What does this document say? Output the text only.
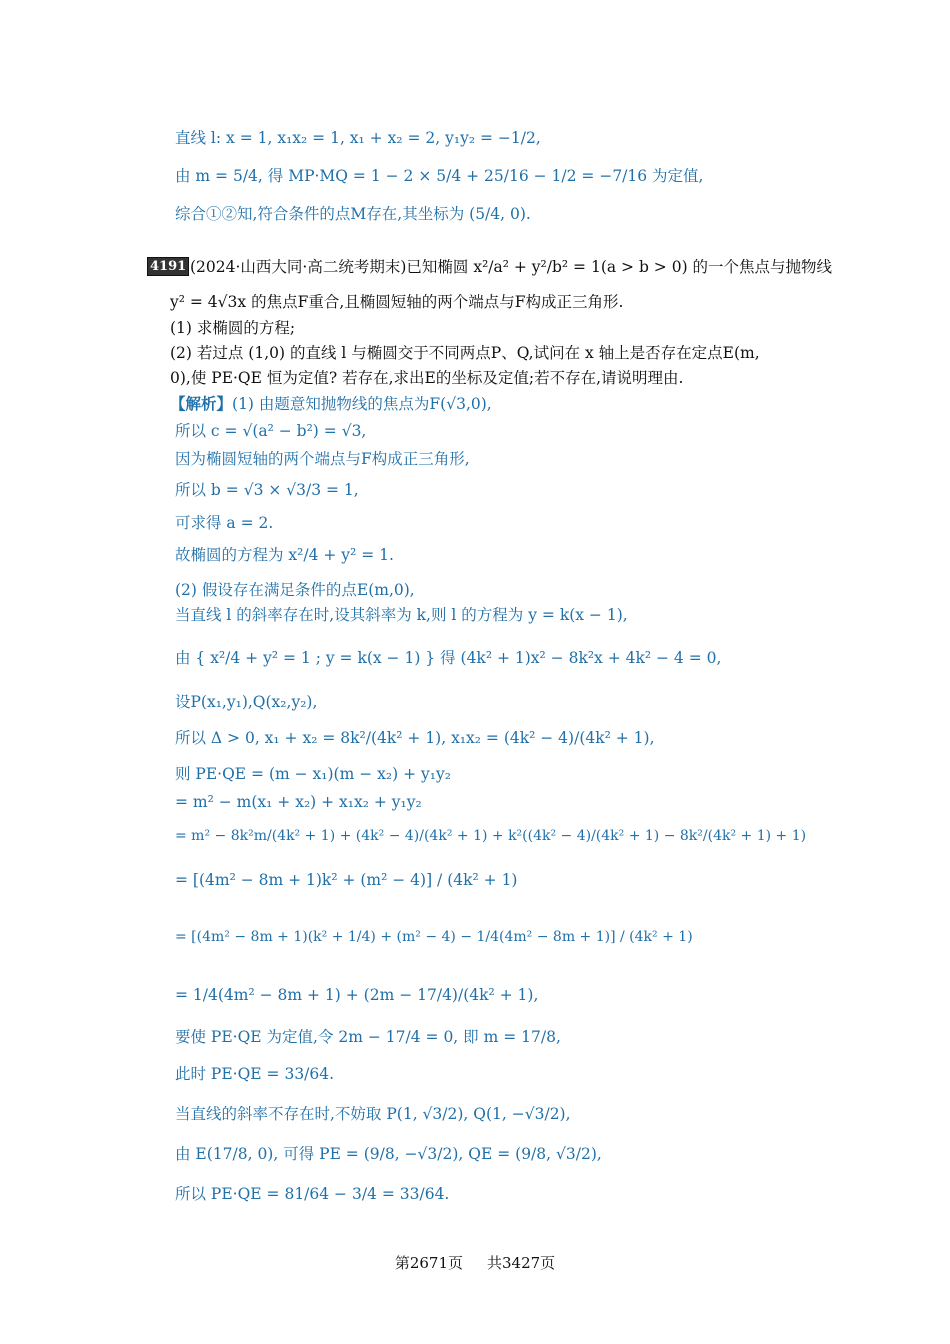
直线 l: x = 1, x₁x₂ = 1, x₁ + x₂ = 2, y₁y₂ = −1/2,
由 m = 5/4, 得 MP·MQ = 1 − 2 × 5/4 + 25/16 − 1/2 = −7/16 为定值,
综合①②知,符合条件的点M存在,其坐标为 (5/4, 0).
4191 (2024·山西大同·高二统考期末)已知椭圆 x²/a² + y²/b² = 1(a > b > 0) 的一个焦点与抛物线
y² = 4√3x 的焦点F重合,且椭圆短轴的两个端点与F构成正三角形.
(1) 求椭圆的方程;
(2) 若过点 (1,0) 的直线 l 与椭圆交于不同两点P、Q,试问在 x 轴上是否存在定点E(m,
0),使 PE·QE 恒为定值? 若存在,求出E的坐标及定值;若不存在,请说明理由.
【解析】(1) 由题意知抛物线的焦点为F(√3,0),
所以 c = √(a² − b²) = √3,
因为椭圆短轴的两个端点与F构成正三角形,
所以 b = √3 × √3/3 = 1,
可求得 a = 2.
故椭圆的方程为 x²/4 + y² = 1.
(2) 假设存在满足条件的点E(m,0),
当直线 l 的斜率存在时,设其斜率为 k,则 l 的方程为 y = k(x − 1),
由 { x²/4 + y² = 1 ; y = k(x − 1) } 得 (4k² + 1)x² − 8k²x + 4k² − 4 = 0,
设P(x₁,y₁),Q(x₂,y₂),
所以 Δ > 0, x₁ + x₂ = 8k²/(4k² + 1), x₁x₂ = (4k² − 4)/(4k² + 1),
则 PE·QE = (m − x₁)(m − x₂) + y₁y₂
= m² − m(x₁ + x₂) + x₁x₂ + y₁y₂
= m² − 8k²m/(4k² + 1) + (4k² − 4)/(4k² + 1) + k²((4k² − 4)/(4k² + 1) − 8k²/(4k² + 1) + 1)
= [(4m² − 8m + 1)k² + (m² − 4)] / (4k² + 1)
= [(4m² − 8m + 1)(k² + 1/4) + (m² − 4) − 1/4(4m² − 8m + 1)] / (4k² + 1)
= 1/4(4m² − 8m + 1) + (2m − 17/4)/(4k² + 1),
要使 PE·QE 为定值,令 2m − 17/4 = 0, 即 m = 17/8,
此时 PE·QE = 33/64.
当直线的斜率不存在时,不妨取 P(1, √3/2), Q(1, −√3/2),
由 E(17/8, 0), 可得 PE = (9/8, −√3/2), QE = (9/8, √3/2),
所以 PE·QE = 81/64 − 3/4 = 33/64.
第2671页 共3427页
